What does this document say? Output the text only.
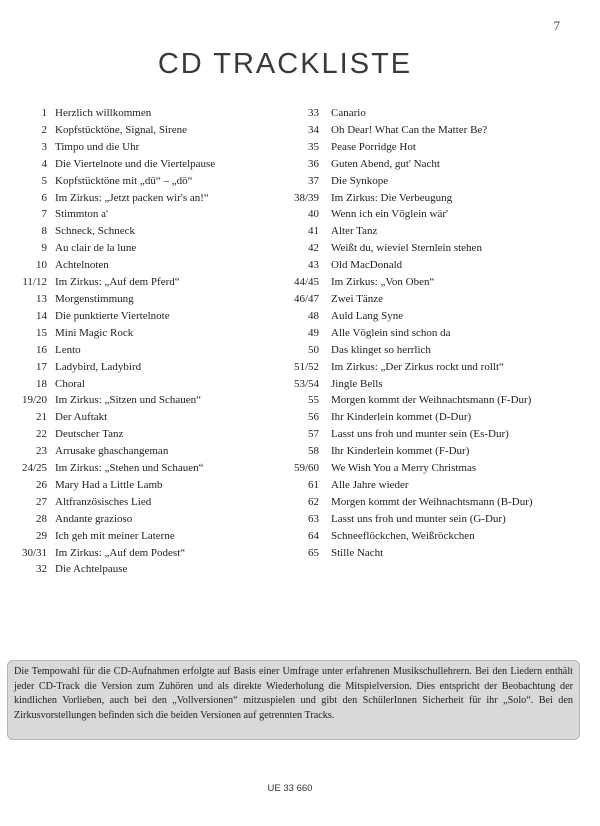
7
CD TRACKLISTE
1 Herzlich willkommen
2 Kopfstücktöne, Signal, Sirene
3 Timpo und die Uhr
4 Die Viertelnote und die Viertelpause
5 Kopfstücktöne mit „dü“ – „dö“
6 Im Zirkus: „Jetzt packen wir's an!“
7 Stimmton a'
8 Schneck, Schneck
9 Au clair de la lune
10 Achtelnoten
11/12 Im Zirkus: „Auf dem Pferd“
13 Morgenstimmung
14 Die punktierte Viertelnote
15 Mini Magic Rock
16 Lento
17 Ladybird, Ladybird
18 Choral
19/20 Im Zirkus: „Sitzen und Schauen“
21 Der Auftakt
22 Deutscher Tanz
23 Arrusake ghaschangeman
24/25 Im Zirkus: „Stehen und Schauen“
26 Mary Had a Little Lamb
27 Altfranzösisches Lied
28 Andante grazioso
29 Ich geh mit meiner Laterne
30/31 Im Zirkus: „Auf dem Podest“
32 Die Achtelpause
33 Canario
34 Oh Dear! What Can the Matter Be?
35 Pease Porridge Hot
36 Guten Abend, gut' Nacht
37 Die Synkope
38/39 Im Zirkus: Die Verbeugung
40 Wenn ich ein Vöglein wär'
41 Alter Tanz
42 Weißt du, wieviel Sternlein stehen
43 Old MacDonald
44/45 Im Zirkus: „Von Oben“
46/47 Zwei Tänze
48 Auld Lang Syne
49 Alle Vöglein sind schon da
50 Das klinget so herrlich
51/52 Im Zirkus: „Der Zirkus rockt und rollt“
53/54 Jingle Bells
55 Morgen kommt der Weihnachtsmann (F-Dur)
56 Ihr Kinderlein kommet (D-Dur)
57 Lasst uns froh und munter sein (Es-Dur)
58 Ihr Kinderlein kommet (F-Dur)
59/60 We Wish You a Merry Christmas
61 Alle Jahre wieder
62 Morgen kommt der Weihnachtsmann (B-Dur)
63 Lasst uns froh und munter sein (G-Dur)
64 Schneeflöckchen, Weißröckchen
65 Stille Nacht
Die Tempowahl für die CD-Aufnahmen erfolgte auf Basis einer Umfrage unter erfahrenen Musikschullehrern. Bei den Liedern enthält jeder CD-Track die Version zum Zuhören und als direkte Wiederholung die Mitspielversion. Dies entspricht der Beobachtung der kindlichen Vorlieben, auch bei den „Vollversionen“ mitzuspielen und gibt den SchülerInnen Sicherheit für ihr „Solo“. Bei den Zirkusvorstellungen befinden sich die beiden Versionen auf getrennten Tracks.
UE 33 660
